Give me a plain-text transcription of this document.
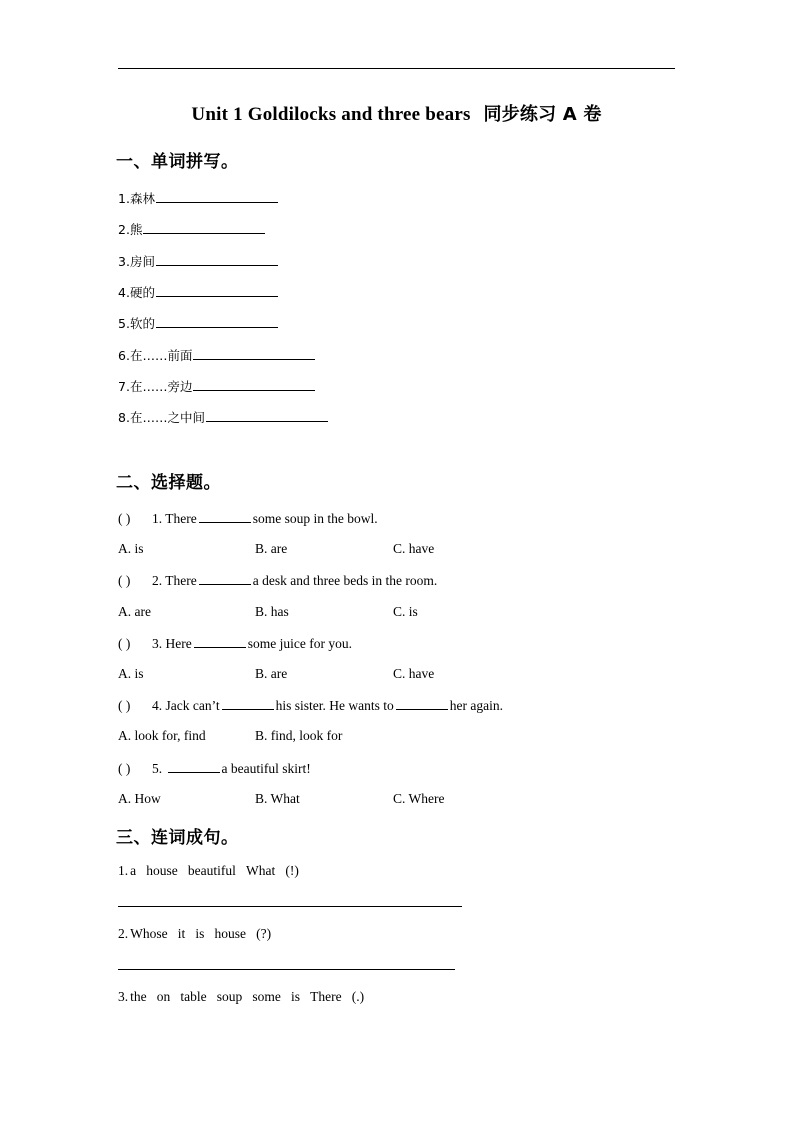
Unit 1 Goldilocks and three bears 同步练习 A 卷
一、单词拼写。
1.森林
2.熊
3.房间
4.硬的
5.软的
6.在……前面
7.在……旁边
8.在……之中间
二、选择题。
( ) 1. There	some soup in the bowl.
A. is	B. are	C. have
( ) 2. There	a desk and three beds in the room.
A. are	B. has	C. is
( ) 3. Here	some juice for you.
A. is	B. are	C. have
( ) 4. Jack can’t	his sister. He wants to	her again.
A. look for, find	B. find, look for
( ) 5.	a beautiful skirt!
A. How	B. What	C. Where
三、连词成句。
1. a house beautiful What (!)
2. Whose it is house (?)
3. the on table soup some is There (.)
